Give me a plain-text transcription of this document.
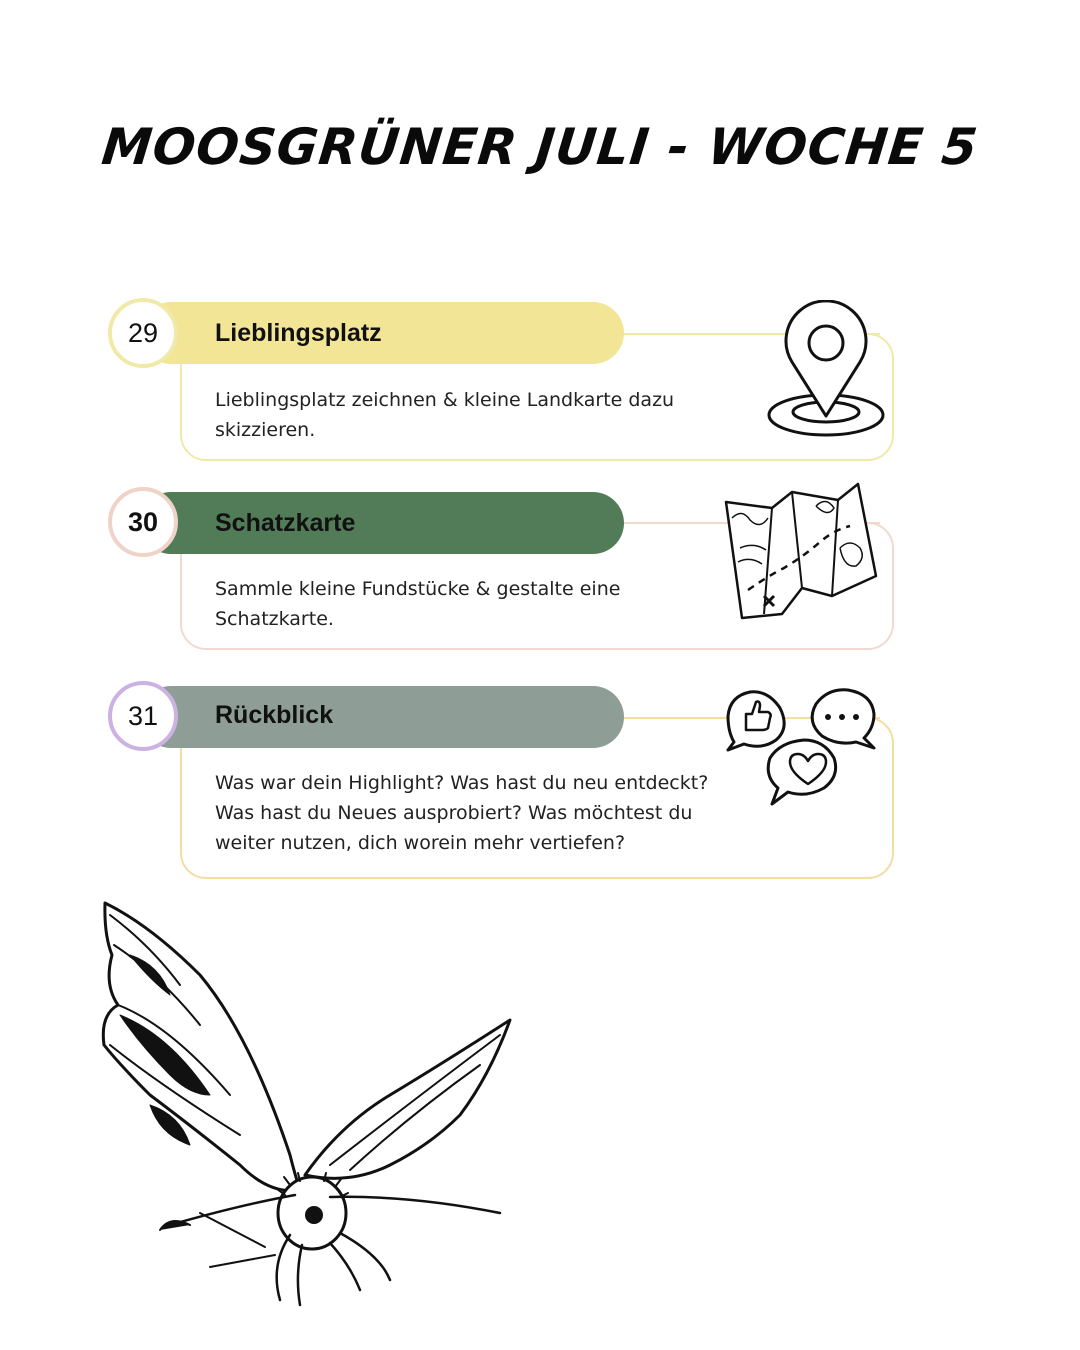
MOOSGRÜNER JULI - WOCHE 5
Lieblingsplatz
29
Lieblingsplatz zeichnen & kleine Landkarte dazu skizzieren.
Schatzkarte
30
Sammle kleine Fundstücke & gestalte eine Schatzkarte.
Rückblick
31
Was war dein Highlight? Was hast du neu entdeckt? Was hast du Neues ausprobiert? Was möchtest du weiter nutzen, dich worein mehr vertiefen?
